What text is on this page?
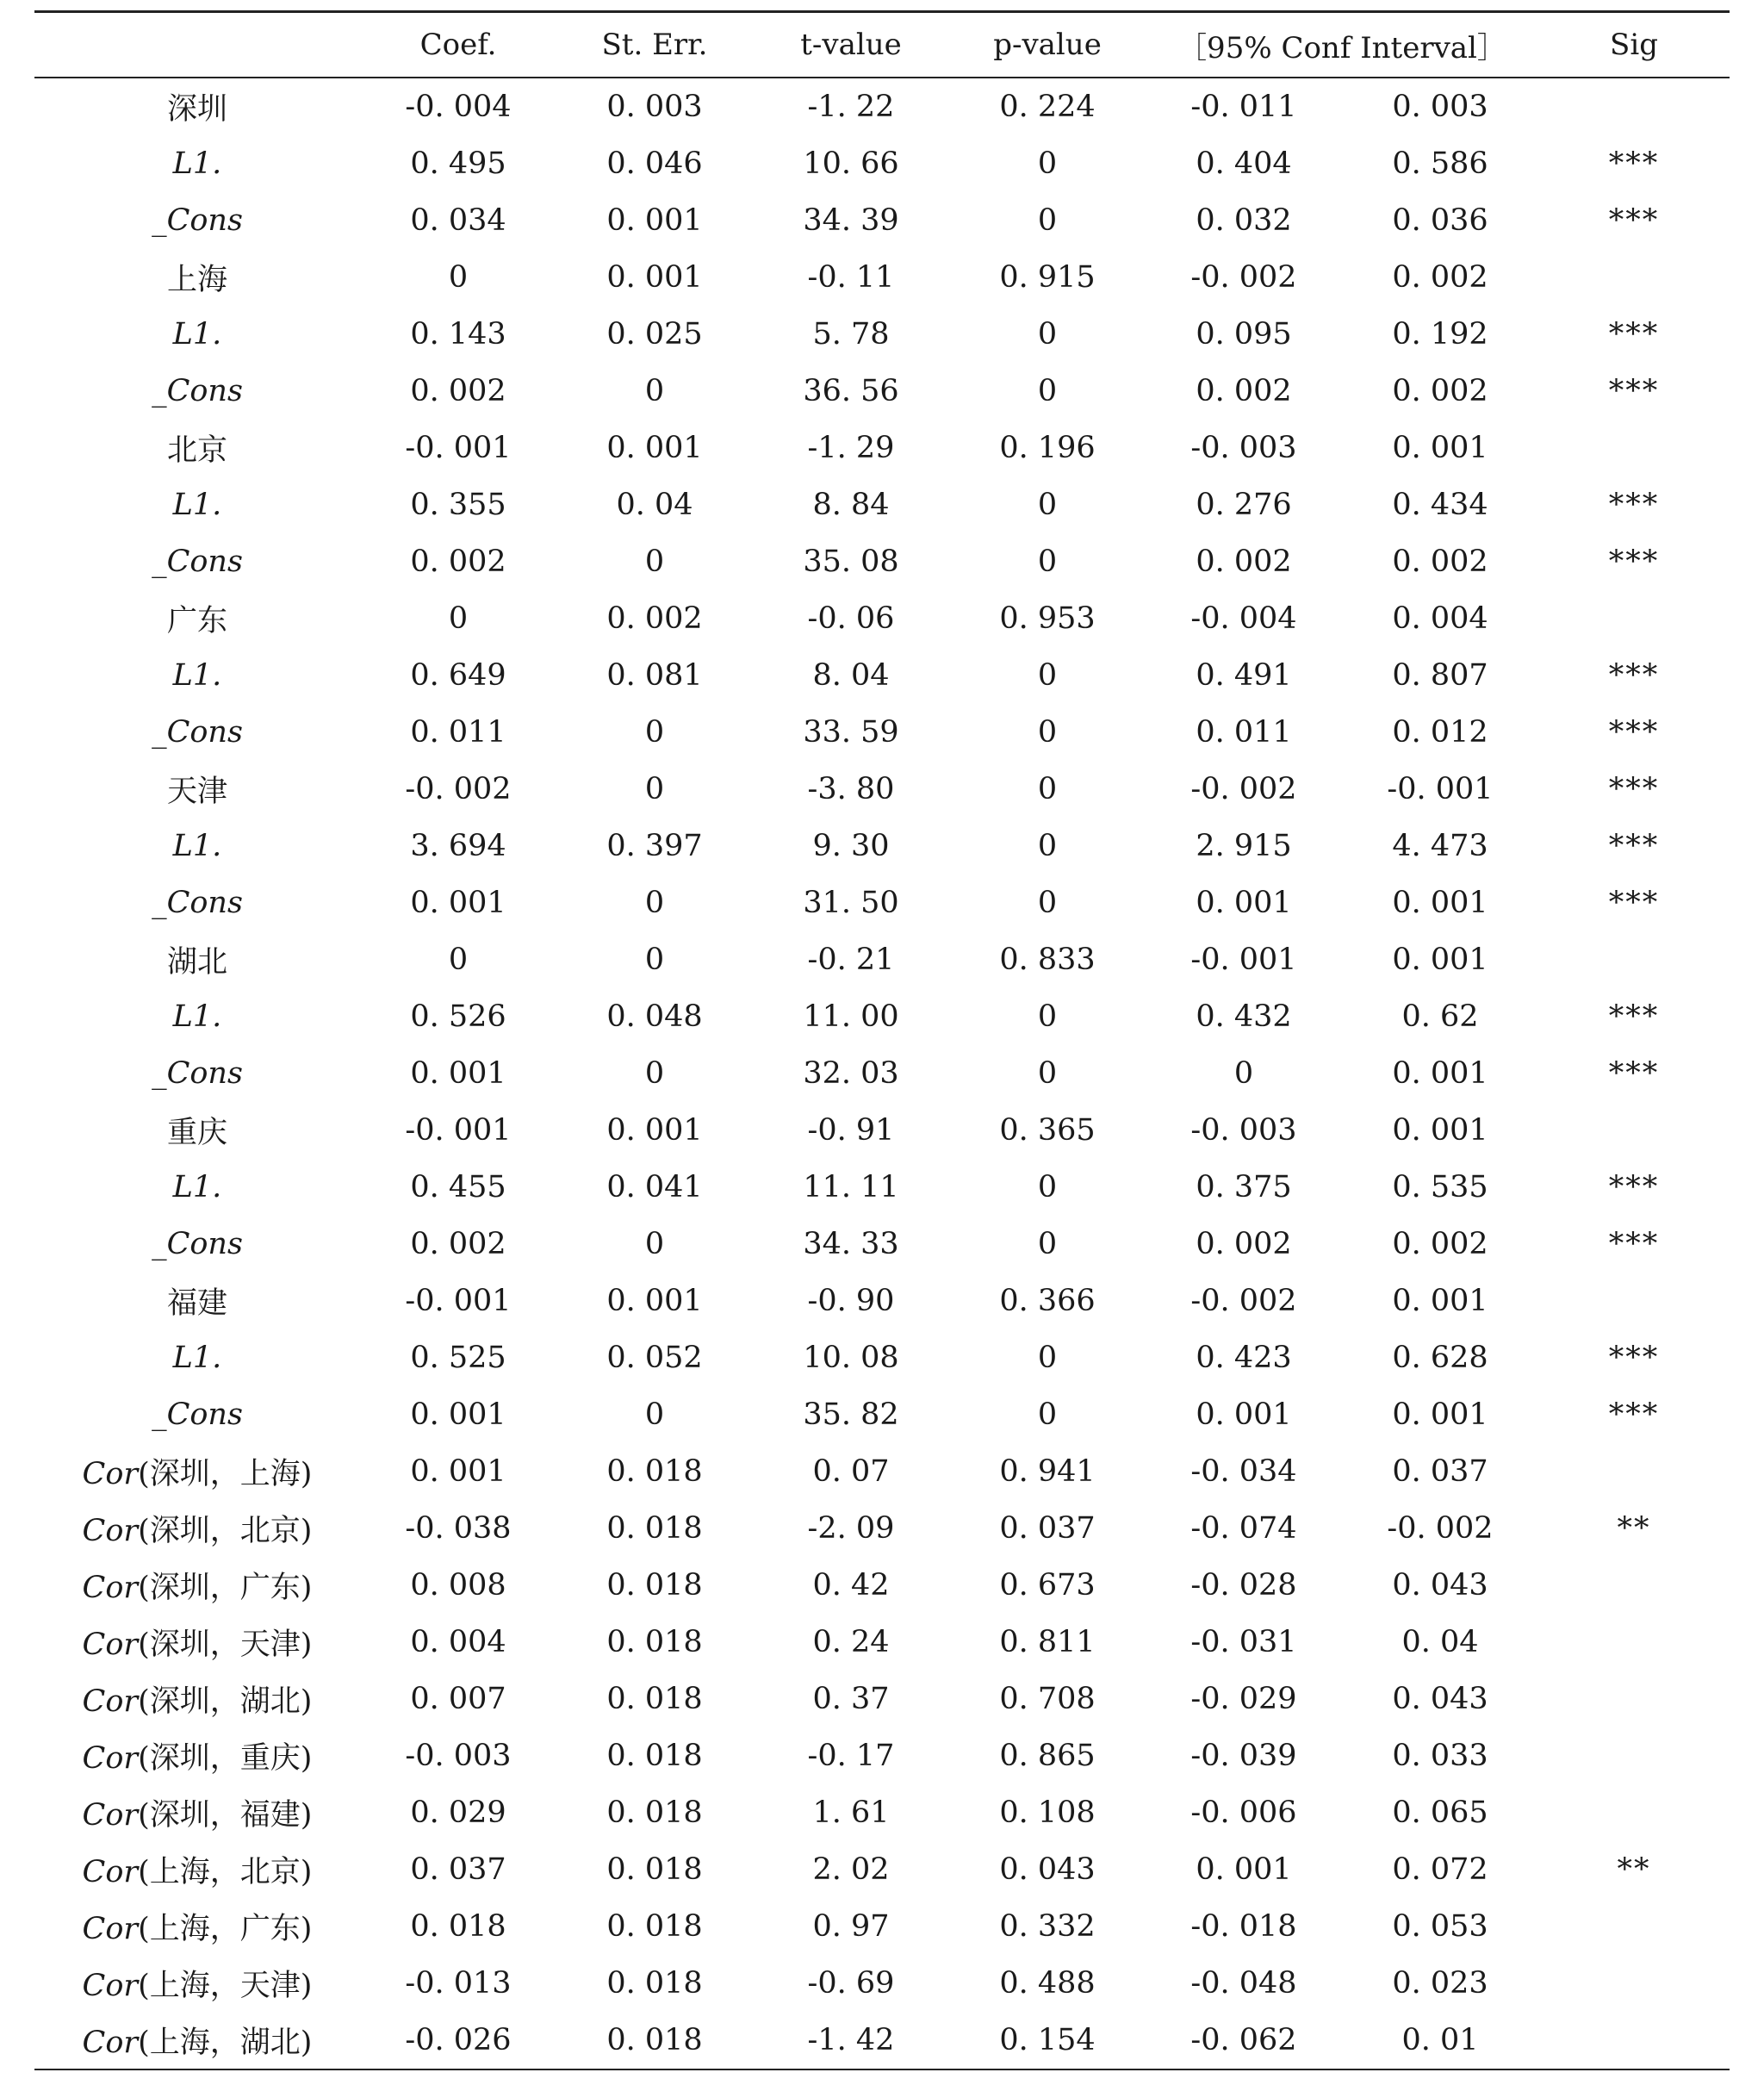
	Coef.	St. Err.	t-value	p-value	［95% Conf Interval］		Sig
深圳	-0. 004	0. 003	-1. 22	0. 224	-0. 011	0. 003	
L1.	0. 495	0. 046	10. 66	0	0. 404	0. 586	***
_Cons	0. 034	0. 001	34. 39	0	0. 032	0. 036	***
上海	0	0. 001	-0. 11	0. 915	-0. 002	0. 002	
L1.	0. 143	0. 025	5. 78	0	0. 095	0. 192	***
_Cons	0. 002	0	36. 56	0	0. 002	0. 002	***
北京	-0. 001	0. 001	-1. 29	0. 196	-0. 003	0. 001	
L1.	0. 355	0. 04	8. 84	0	0. 276	0. 434	***
_Cons	0. 002	0	35. 08	0	0. 002	0. 002	***
广东	0	0. 002	-0. 06	0. 953	-0. 004	0. 004	
L1.	0. 649	0. 081	8. 04	0	0. 491	0. 807	***
_Cons	0. 011	0	33. 59	0	0. 011	0. 012	***
天津	-0. 002	0	-3. 80	0	-0. 002	-0. 001	***
L1.	3. 694	0. 397	9. 30	0	2. 915	4. 473	***
_Cons	0. 001	0	31. 50	0	0. 001	0. 001	***
湖北	0	0	-0. 21	0. 833	-0. 001	0. 001	
L1.	0. 526	0. 048	11. 00	0	0. 432	0. 62	***
_Cons	0. 001	0	32. 03	0	0	0. 001	***
重庆	-0. 001	0. 001	-0. 91	0. 365	-0. 003	0. 001	
L1.	0. 455	0. 041	11. 11	0	0. 375	0. 535	***
_Cons	0. 002	0	34. 33	0	0. 002	0. 002	***
福建	-0. 001	0. 001	-0. 90	0. 366	-0. 002	0. 001	
L1.	0. 525	0. 052	10. 08	0	0. 423	0. 628	***
_Cons	0. 001	0	35. 82	0	0. 001	0. 001	***
Cor(深圳，上海)	0. 001	0. 018	0. 07	0. 941	-0. 034	0. 037	
Cor(深圳，北京)	-0. 038	0. 018	-2. 09	0. 037	-0. 074	-0. 002	**
Cor(深圳，广东)	0. 008	0. 018	0. 42	0. 673	-0. 028	0. 043	
Cor(深圳，天津)	0. 004	0. 018	0. 24	0. 811	-0. 031	0. 04	
Cor(深圳，湖北)	0. 007	0. 018	0. 37	0. 708	-0. 029	0. 043	
Cor(深圳，重庆)	-0. 003	0. 018	-0. 17	0. 865	-0. 039	0. 033	
Cor(深圳，福建)	0. 029	0. 018	1. 61	0. 108	-0. 006	0. 065	
Cor(上海，北京)	0. 037	0. 018	2. 02	0. 043	0. 001	0. 072	**
Cor(上海，广东)	0. 018	0. 018	0. 97	0. 332	-0. 018	0. 053	
Cor(上海，天津)	-0. 013	0. 018	-0. 69	0. 488	-0. 048	0. 023	
Cor(上海，湖北)	-0. 026	0. 018	-1. 42	0. 154	-0. 062	0. 01	
